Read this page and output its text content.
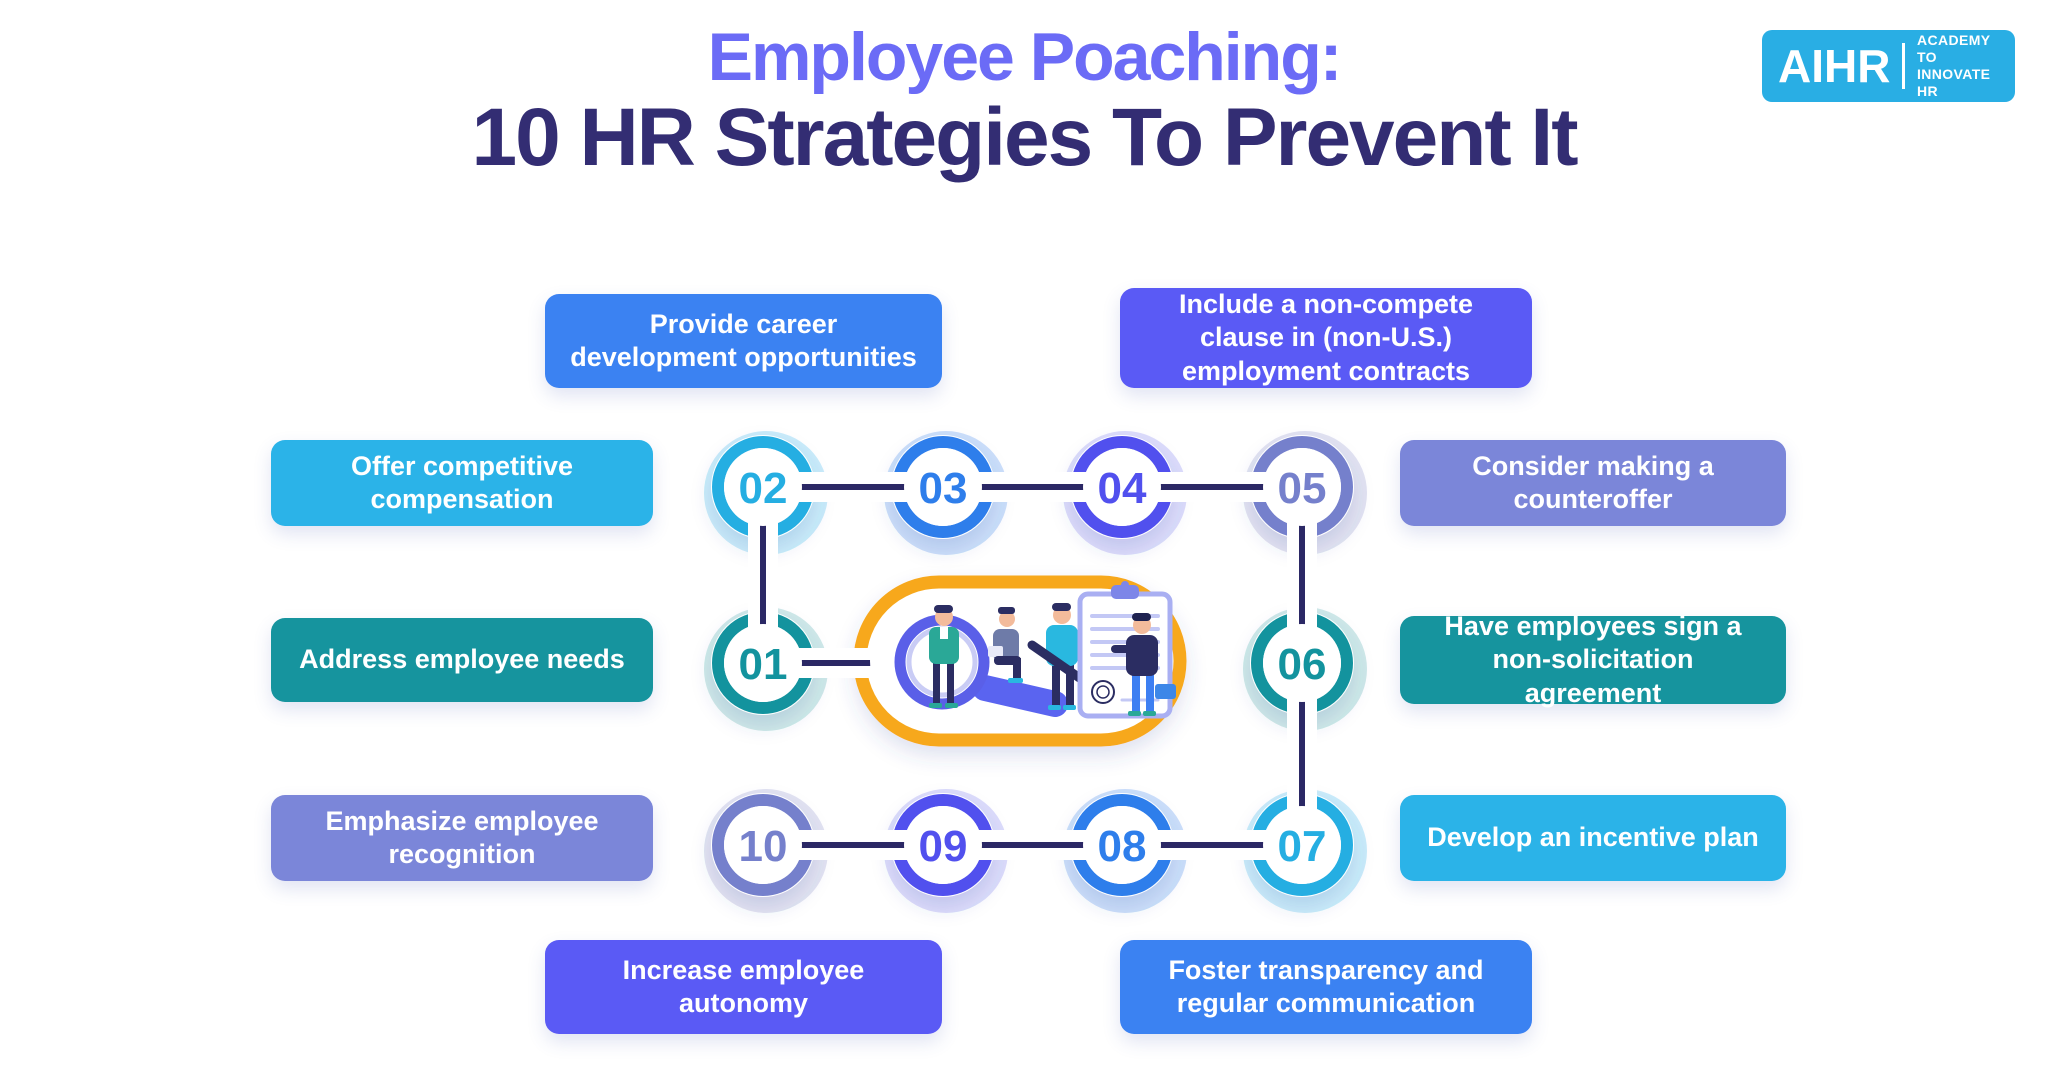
Employee Poaching:
10 HR Strategies To Prevent It
AIHR ACADEMY TO
INNOVATE HR
02	03	04	05
01	06
10	09	08	07
Provide career development opportunities
Include a non-compete clause in (non-U.S.) employment contracts
Offer competitive compensation
Consider making a counteroffer
Address employee needs
Have employees sign a non-solicitation agreement
Emphasize employee recognition
Develop an incentive plan
Increase employee autonomy
Foster transparency and regular communication
